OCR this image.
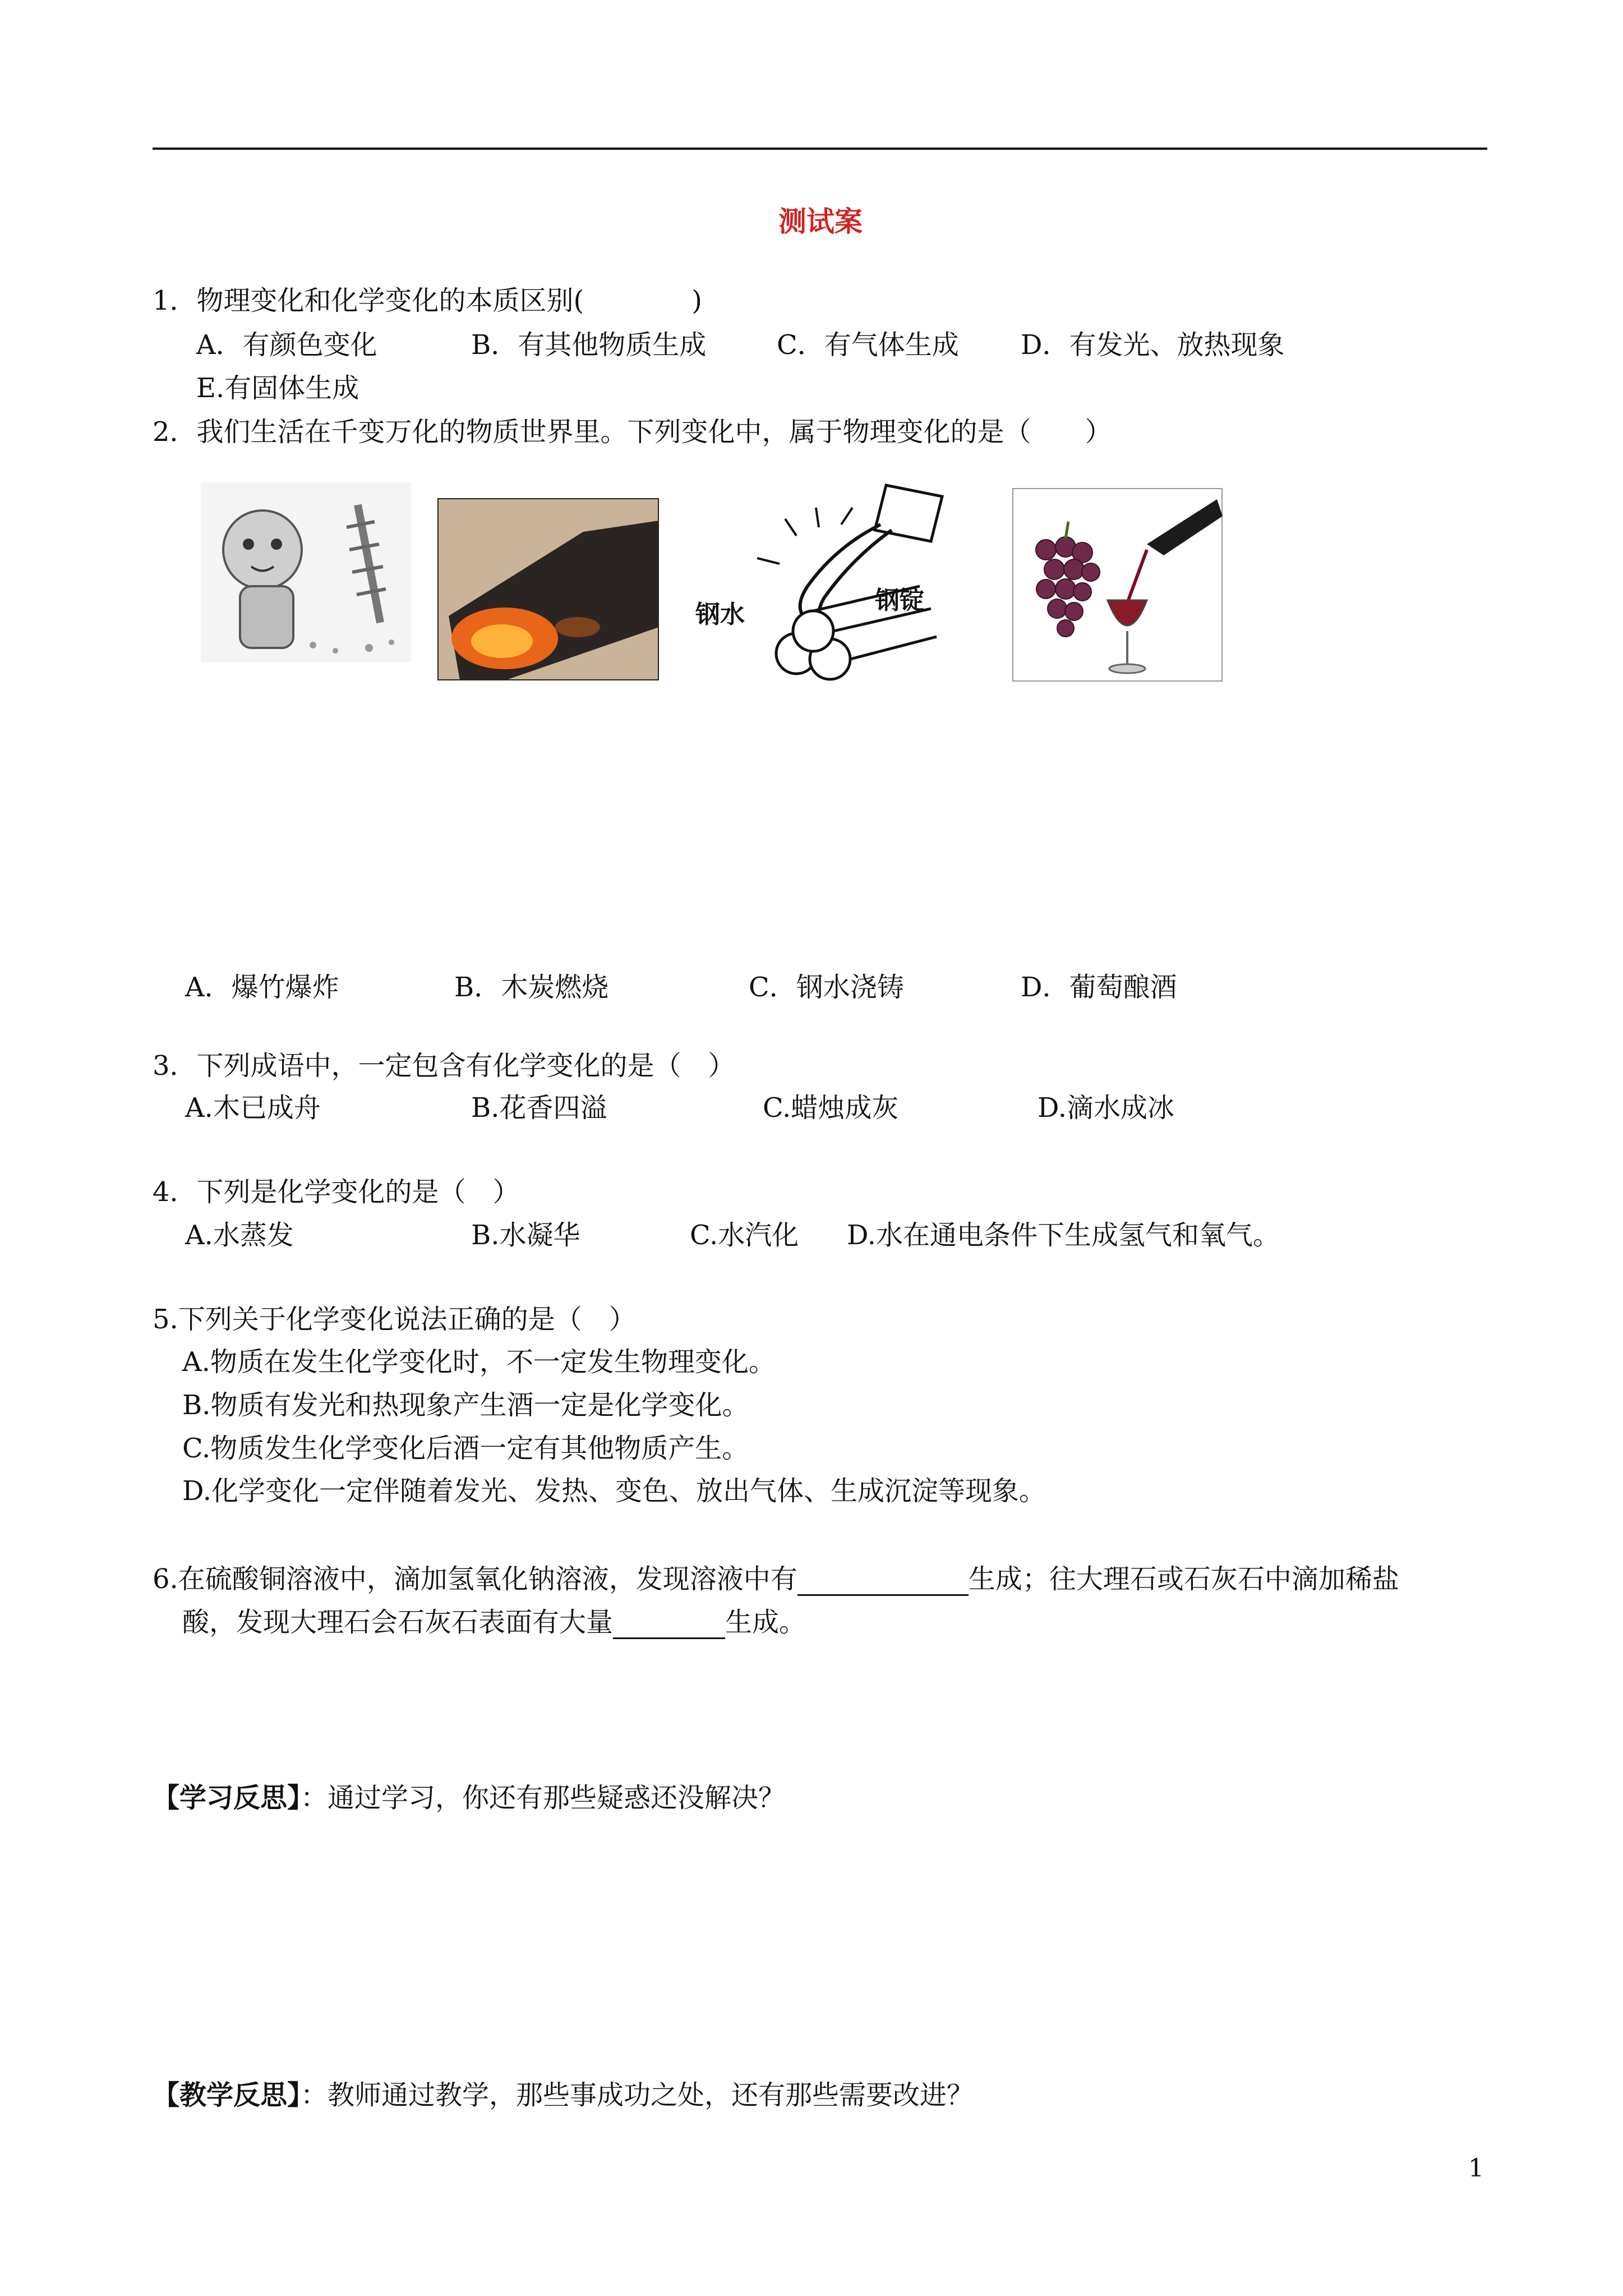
测试案
1．物理变化和化学变化的本质区别(　　　　)
A．有颜色变化	B．有其他物质生成	C．有气体生成 D．有发光、放热现象
E.有固体生成
2．我们生活在千变万化的物质世界里。下列变化中，属于物理变化的是（　　）
钢水	钢锭
A．爆竹爆炸	B．木炭燃烧	C．钢水浇铸	D．葡萄酿酒
3．下列成语中，一定包含有化学变化的是（　）
A.木已成舟	B.花香四溢	C.蜡烛成灰	D.滴水成冰
4．下列是化学变化的是（　）
A.水蒸发	B.水凝华	C.水汽化 D.水在通电条件下生成氢气和氧气。
5.下列关于化学变化说法正确的是（　）
A.物质在发生化学变化时，不一定发生物理变化。
B.物质有发光和热现象产生酒一定是化学变化。
C.物质发生化学变化后酒一定有其他物质产生。
D.化学变化一定伴随着发光、发热、变色、放出气体、生成沉淀等现象。
6.在硫酸铜溶液中，滴加氢氧化钠溶液，发现溶液中有	生成；往大理石或石灰石中滴加稀盐
酸，发现大理石会石灰石表面有大量	生成。
【学习反思】：通过学习，你还有那些疑惑还没解决？
【教学反思】：教师通过教学，那些事成功之处，还有那些需要改进？
1
